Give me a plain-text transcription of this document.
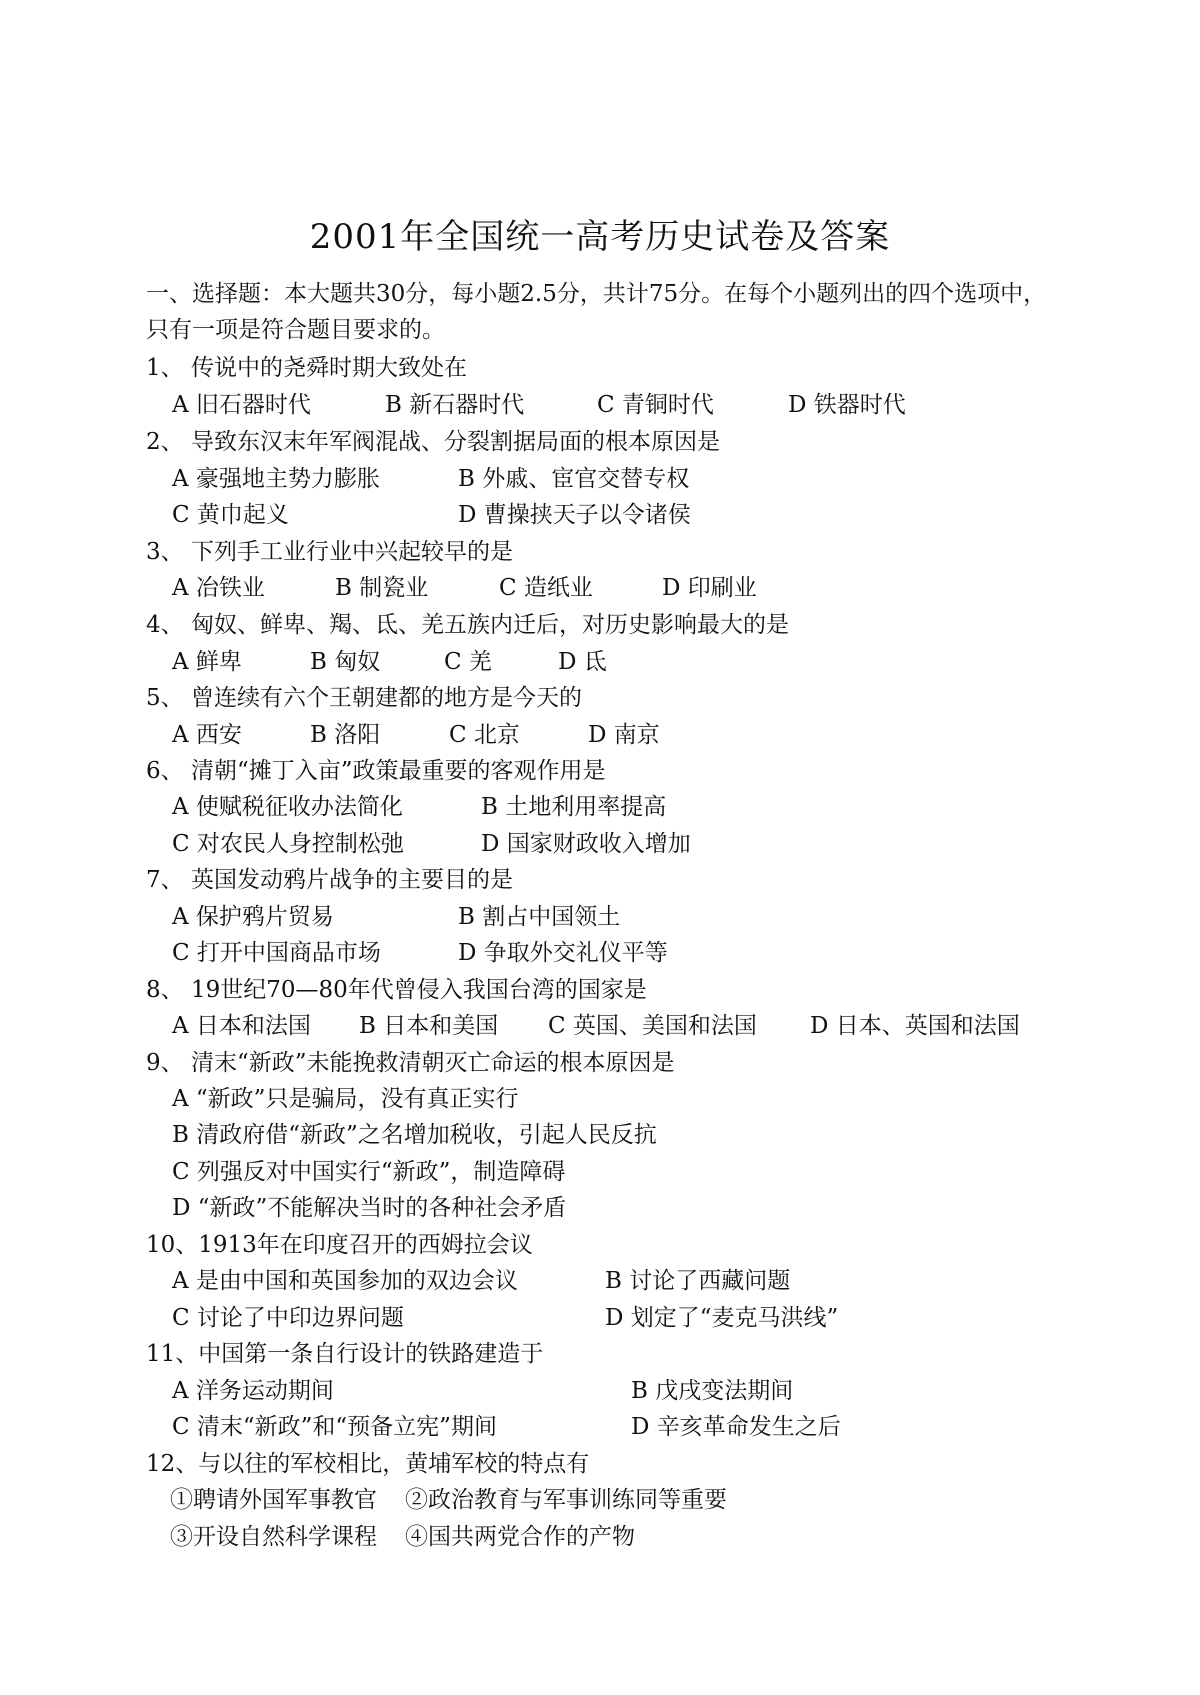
2001年全国统一高考历史试卷及答案
一、选择题：本大题共30分，每小题2.5分，共计75分。在每个小题列出的四个选项中，只有一项是符合题目要求的。
1、 传说中的尧舜时期大致处在
A 旧石器时代	B 新石器时代	C 青铜时代	D 铁器时代
2、 导致东汉末年军阀混战、分裂割据局面的根本原因是
A 豪强地主势力膨胀	B 外戚、宦官交替专权
C 黄巾起义	D 曹操挟天子以令诸侯
3、 下列手工业行业中兴起较早的是
A 冶铁业	B 制瓷业	C 造纸业	D 印刷业
4、 匈奴、鲜卑、羯、氐、羌五族内迁后，对历史影响最大的是
A 鲜卑	B 匈奴	C 羌	D 氐
5、 曾连续有六个王朝建都的地方是今天的
A 西安	B 洛阳	C 北京	D 南京
6、 清朝“摊丁入亩”政策最重要的客观作用是
A 使赋税征收办法简化	B 土地利用率提高
C 对农民人身控制松弛	D 国家财政收入增加
7、 英国发动鸦片战争的主要目的是
A 保护鸦片贸易	B 割占中国领土
C 打开中国商品市场	D 争取外交礼仪平等
8、 19世纪70—80年代曾侵入我国台湾的国家是
A 日本和法国 B 日本和美国 C 英国、美国和法国 D 日本、英国和法国
9、 清末“新政”未能挽救清朝灭亡命运的根本原因是
A “新政”只是骗局，没有真正实行
B 清政府借“新政”之名增加税收，引起人民反抗
C 列强反对中国实行“新政”，制造障碍
D “新政”不能解决当时的各种社会矛盾
10、1913年在印度召开的西姆拉会议
A 是由中国和英国参加的双边会议	B 讨论了西藏问题
C 讨论了中印边界问题	D 划定了“麦克马洪线”
11、中国第一条自行设计的铁路建造于
A 洋务运动期间	B 戊戌变法期间
C 清末“新政”和“预备立宪”期间	D 辛亥革命发生之后
12、与以往的军校相比，黄埔军校的特点有
①聘请外国军事教官 ②政治教育与军事训练同等重要
③开设自然科学课程 ④国共两党合作的产物
